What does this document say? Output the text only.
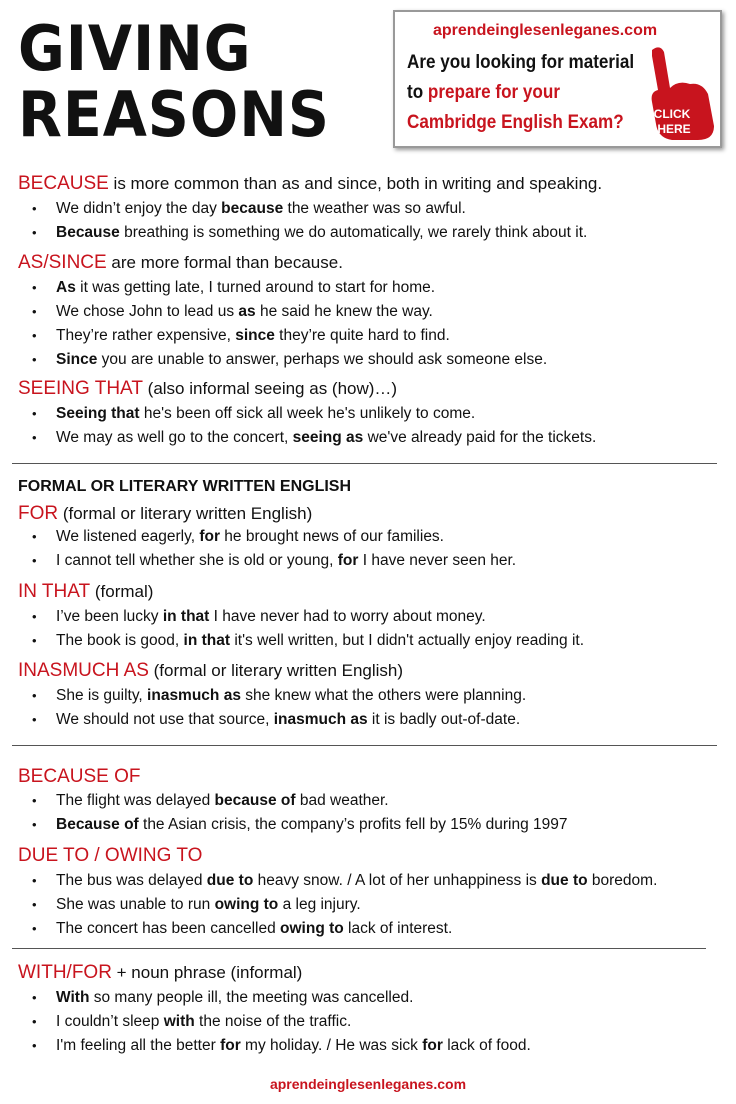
GIVING
REASONS
aprendeinglesenleganes.com
Are you looking for material
to prepare for your
Cambridge English Exam?	CLICK
HERE
BECAUSE is more common than as and since, both in writing and speaking.
• We didn’t enjoy the day because the weather was so awful.
• Because breathing is something we do automatically, we rarely think about it.
AS/SINCE are more formal than because.
• As it was getting late, I turned around to start for home.
• We chose John to lead us as he said he knew the way.
• They’re rather expensive, since they’re quite hard to find.
• Since you are unable to answer, perhaps we should ask someone else.
SEEING THAT (also informal seeing as (how)…)
• Seeing that he's been off sick all week he's unlikely to come.
• We may as well go to the concert, seeing as we've already paid for the tickets.
FORMAL OR LITERARY WRITTEN ENGLISH
FOR (formal or literary written English)
• We listened eagerly, for he brought news of our families.
• I cannot tell whether she is old or young, for I have never seen her.
IN THAT (formal)
• I’ve been lucky in that I have never had to worry about money.
• The book is good, in that it's well written, but I didn't actually enjoy reading it.
INASMUCH AS (formal or literary written English)
• She is guilty, inasmuch as she knew what the others were planning.
• We should not use that source, inasmuch as it is badly out-of-date.
BECAUSE OF
• The flight was delayed because of bad weather.
• Because of the Asian crisis, the company’s profits fell by 15% during 1997
DUE TO / OWING TO
• The bus was delayed due to heavy snow. / A lot of her unhappiness is due to boredom.
• She was unable to run owing to a leg injury.
• The concert has been cancelled owing to lack of interest.
WITH/FOR + noun phrase (informal)
• With so many people ill, the meeting was cancelled.
• I couldn’t sleep with the noise of the traffic.
• I'm feeling all the better for my holiday. / He was sick for lack of food.
aprendeinglesenleganes.com
